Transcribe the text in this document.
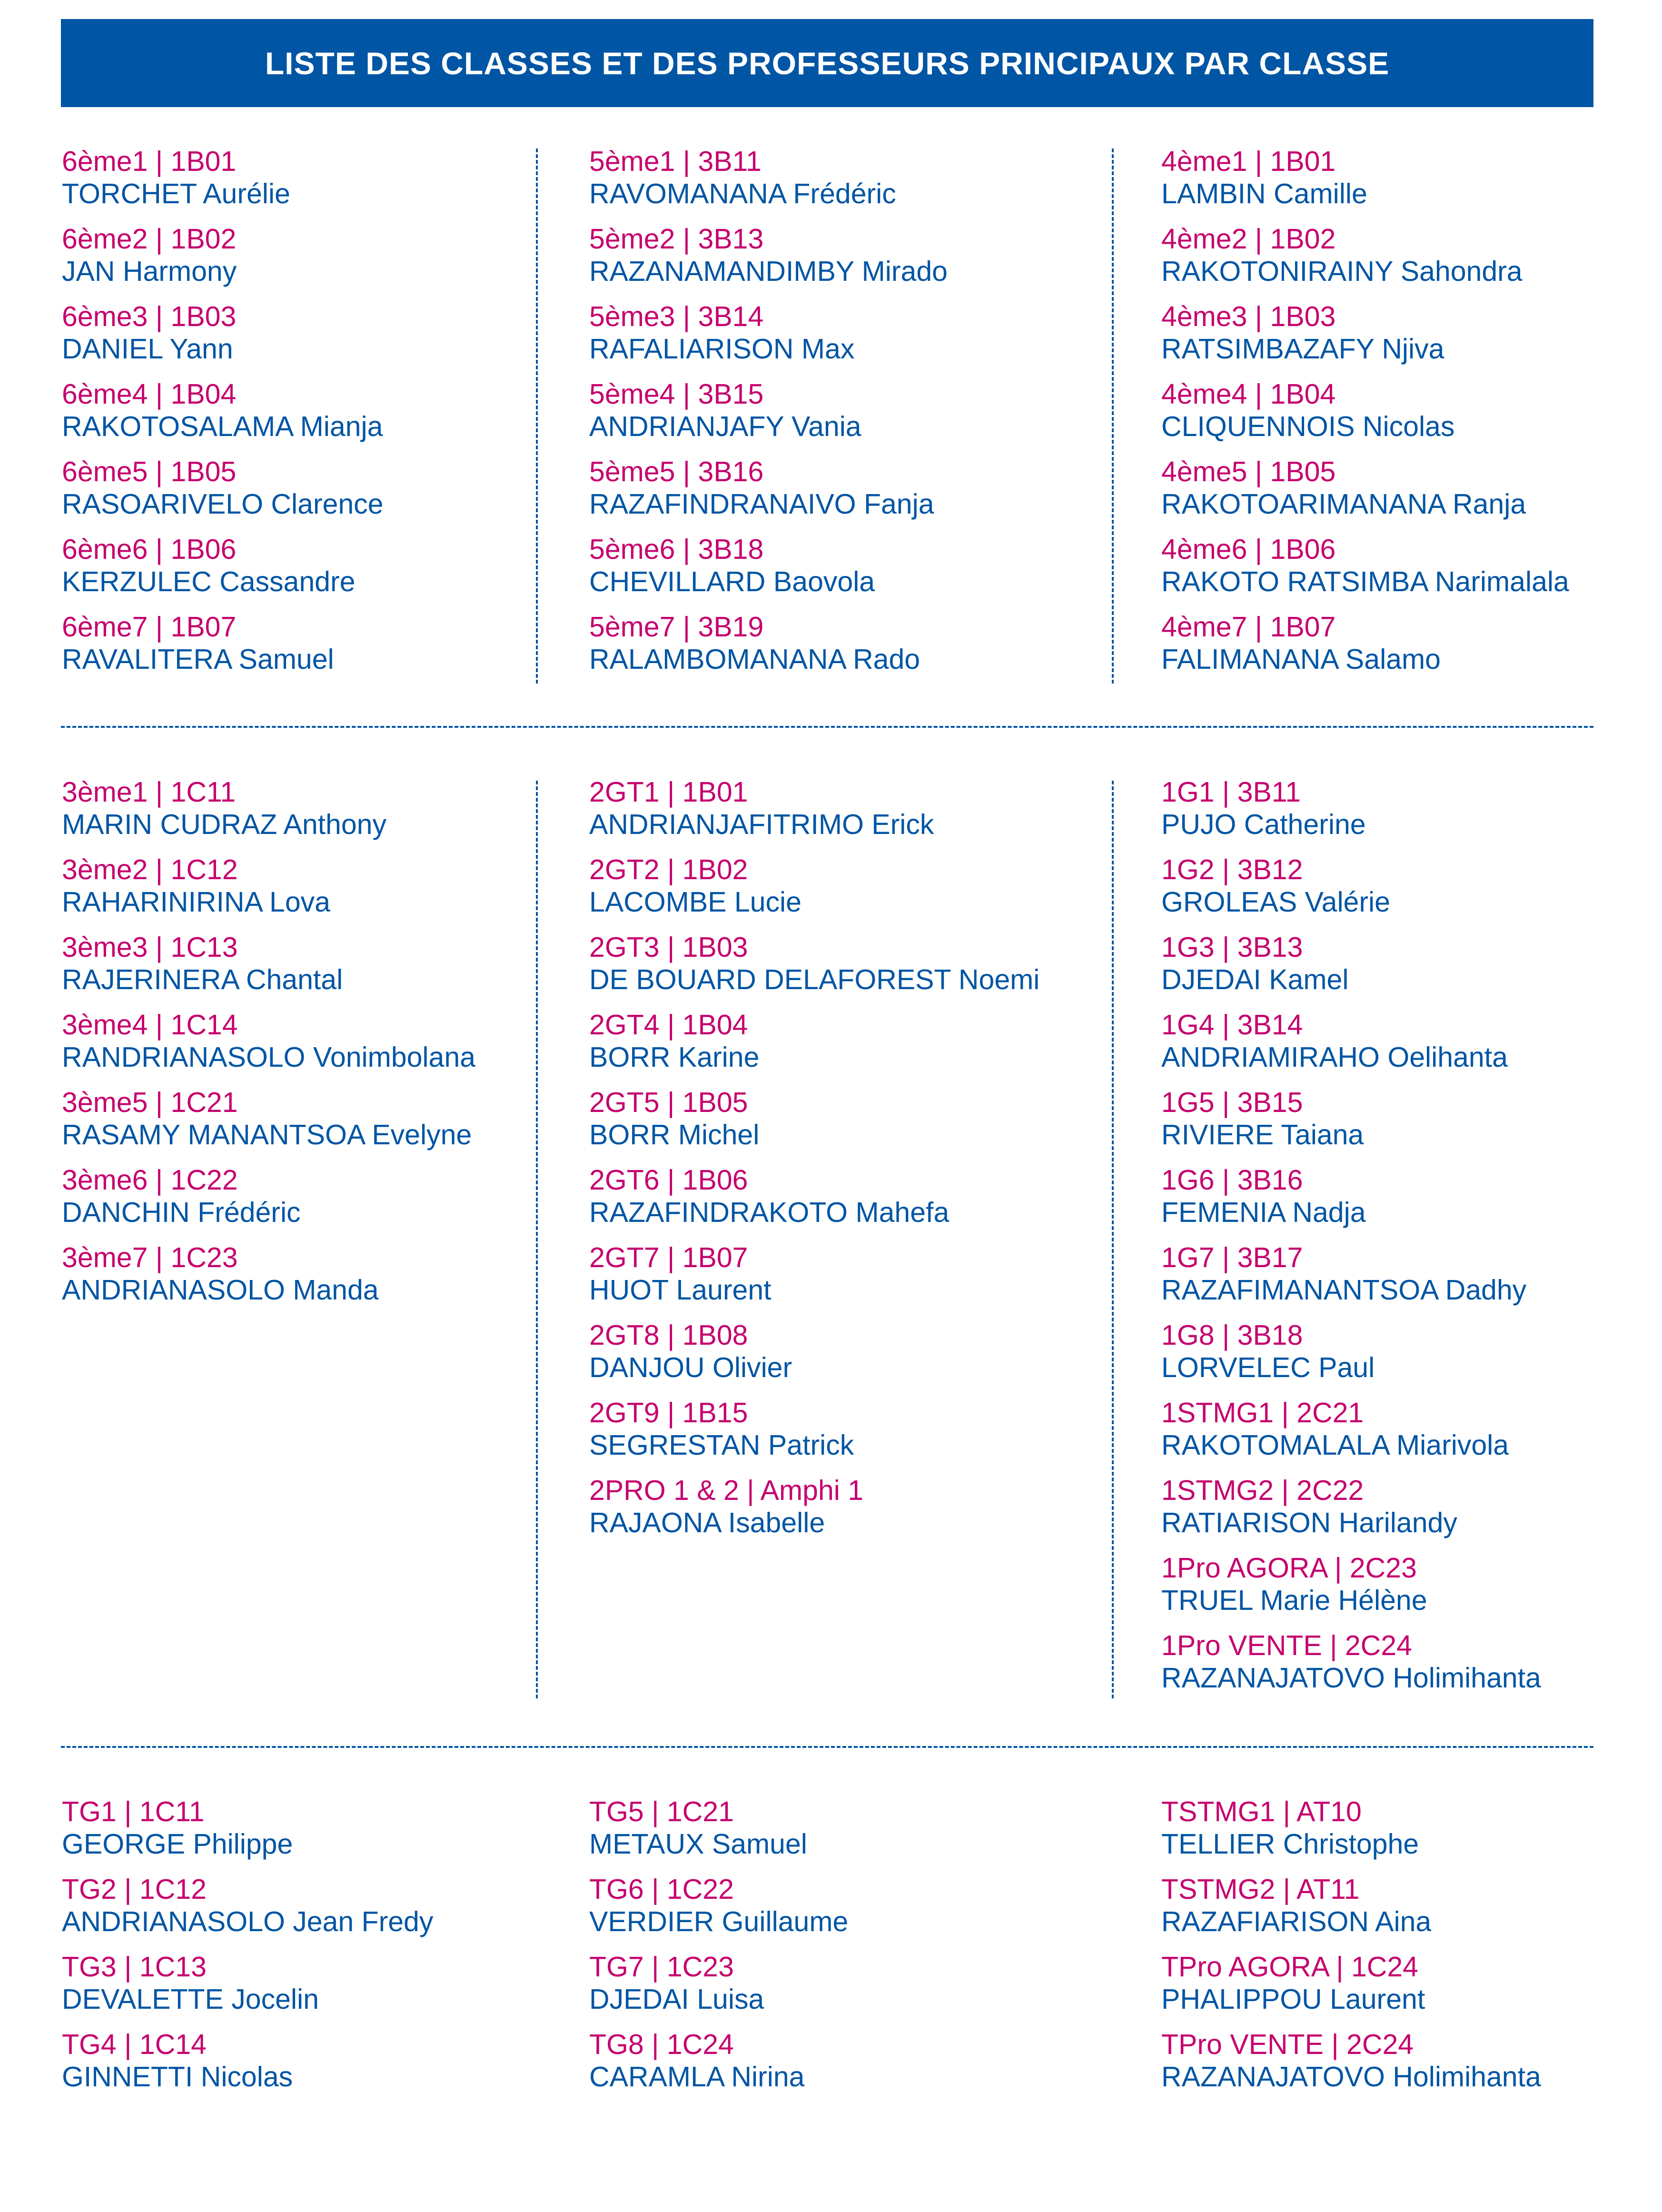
LISTE DES CLASSES ET DES PROFESSEURS PRINCIPAUX PAR CLASSE
6ème1 | 1B01
TORCHET Aurélie
6ème2 | 1B02
JAN Harmony
6ème3 | 1B03
DANIEL Yann
6ème4 | 1B04
RAKOTOSALAMA Mianja
6ème5 | 1B05
RASOARIVELO Clarence
6ème6 | 1B06
KERZULEC Cassandre
6ème7 | 1B07
RAVALITERA Samuel
5ème1 | 3B11
RAVOMANANA Frédéric
5ème2 | 3B13
RAZANAMANDIMBY Mirado
5ème3 | 3B14
RAFALIARISON Max
5ème4 | 3B15
ANDRIANJAFY Vania
5ème5 | 3B16
RAZAFINDRANAIVO Fanja
5ème6 | 3B18
CHEVILLARD Baovola
5ème7 | 3B19
RALAMBOMANANA Rado
4ème1 | 1B01
LAMBIN Camille
4ème2 | 1B02
RAKOTONIRAINY Sahondra
4ème3 | 1B03
RATSIMBAZAFY Njiva
4ème4 | 1B04
CLIQUENNOIS Nicolas
4ème5 | 1B05
RAKOTOARIMANANA Ranja
4ème6 | 1B06
RAKOTO RATSIMBA Narimalala
4ème7 | 1B07
FALIMANANA Salamo
3ème1 | 1C11
MARIN CUDRAZ Anthony
3ème2 | 1C12
RAHARINIRINA Lova
3ème3 | 1C13
RAJERINERA Chantal
3ème4 | 1C14
RANDRIANASOLO Vonimbolana
3ème5 | 1C21
RASAMY MANANTSOA Evelyne
3ème6 | 1C22
DANCHIN Frédéric
3ème7 | 1C23
ANDRIANASOLO Manda
2GT1 | 1B01
ANDRIANJAFITRIMO Erick
2GT2 | 1B02
LACOMBE Lucie
2GT3 | 1B03
DE BOUARD DELAFOREST Noemi
2GT4 | 1B04
BORR Karine
2GT5 | 1B05
BORR Michel
2GT6 | 1B06
RAZAFINDRAKOTO Mahefa
2GT7 | 1B07
HUOT Laurent
2GT8 | 1B08
DANJOU Olivier
2GT9 | 1B15
SEGRESTAN Patrick
2PRO 1 & 2 | Amphi 1
RAJAONA Isabelle
1G1 | 3B11
PUJO Catherine
1G2 | 3B12
GROLEAS Valérie
1G3 | 3B13
DJEDAI Kamel
1G4 | 3B14
ANDRIAMIRAHO Oelihanta
1G5 | 3B15
RIVIERE Taiana
1G6 | 3B16
FEMENIA Nadja
1G7 | 3B17
RAZAFIMANANTSOA Dadhy
1G8 | 3B18
LORVELEC Paul
1STMG1 | 2C21
RAKOTOMALALA Miarivola
1STMG2 | 2C22
RATIARISON Harilandy
1Pro AGORA | 2C23
TRUEL Marie Hélène
1Pro VENTE | 2C24
RAZANAJATOVO Holimihanta
TG1 | 1C11
GEORGE Philippe
TG2 | 1C12
ANDRIANASOLO Jean Fredy
TG3 | 1C13
DEVALETTE Jocelin
TG4 | 1C14
GINNETTI Nicolas
TG5 | 1C21
METAUX Samuel
TG6 | 1C22
VERDIER Guillaume
TG7 | 1C23
DJEDAI Luisa
TG8 | 1C24
CARAMLA Nirina
TSTMG1 | AT10
TELLIER Christophe
TSTMG2 | AT11
RAZAFIARISON Aina
TPro AGORA | 1C24
PHALIPPOU Laurent
TPro VENTE | 2C24
RAZANAJATOVO Holimihanta
